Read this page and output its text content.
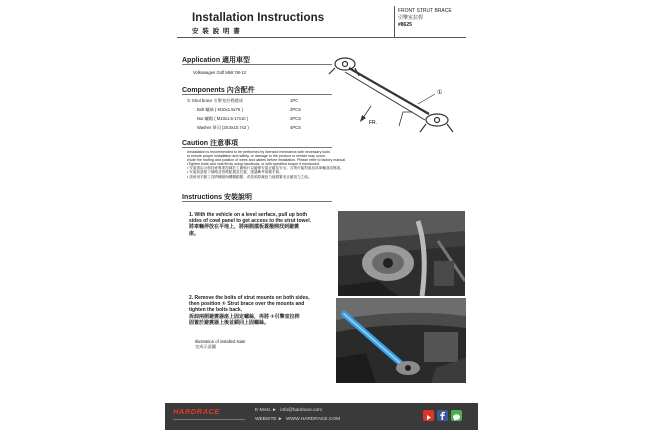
Installation Instructions
安 裝 說 明 書
FRONT STRUT BRACE
引擎室拉桿
#8625
Application 適用車型
Volkswagen Golf Mk6 '08-12
Components 內含配件
① Strut brace 引擎室拉桿總成	1PC
Bolt 螺絲 ( M10x1.5x75 )	2PCS
Nut 螺帽 ( M10x1.5-17x10 )	2PCS
Washer 華司 (20.8x10.7x2 )	4PCS
①
FR.
Caution 注意事項
•Installation is recommended to be performed by licensed mechanics with necessary tools
to ensure proper installation and safety, or damage to the product or vehicle may occur.
•Note the routing and position of wires and cables before installation. Please refer to factory manual.
•Tighten bolts and nuts firmly using handtools, or with specified torque if mentioned.
• 安裝需由合格技術專業技師於工廠執行以確保安裝正確及安全。否則可能對產品或車輛造成傷害。
• 安裝前請留下線路及管路配置及位置，建議參考原廠手冊。
• 請使用手動工具將螺絲與螺帽鎖緊，或依照原廠扭力值鎖緊至正確扭力之值。
Instructions 安裝說明
1. With the vehicle on a level serface, pull up both
sides of cowl panel to get access to the strut towel.
將車輛停放在平地上，將兩側擋板蓋撥開找到避震
座。
2. Remove the bolts of strut mounts on both sides,
then position ① Strut brace over the mounts and
tighten the bolts back.
拆卸兩側避震器座上固定螺絲，再將 ①引擎室拉桿
固置於避震器上後並鎖回上固螺絲。
Illustration of installed state
完成示意圖
HARDRACE	E-MAIL ► info@hardrace.com
WEBSITE ► WWW.HARDRACE.COM
